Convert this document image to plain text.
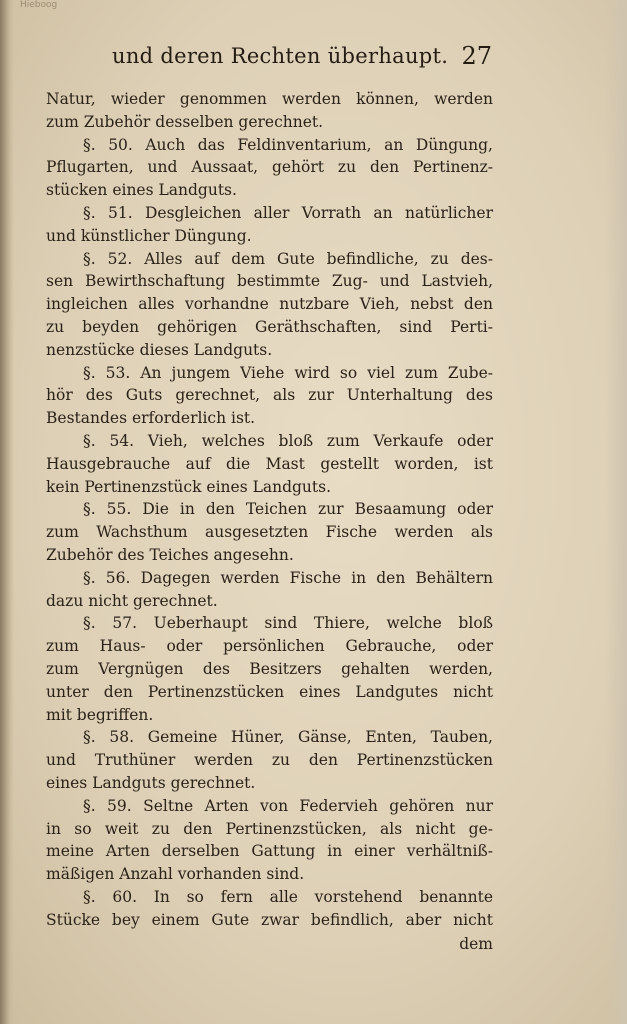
Hieboog
und deren Rechten überhaupt. 27
Natur, wieder genommen werden können, werden
zum Zubehör desselben gerechnet.
§. 50. Auch das Feldinventarium, an Düngung,
Pflugarten, und Aussaat, gehört zu den Pertinenz-
stücken eines Landguts.
§. 51. Desgleichen aller Vorrath an natürlicher
und künstlicher Düngung.
§. 52. Alles auf dem Gute befindliche, zu des-
sen Bewirthschaftung bestimmte Zug- und Lastvieh,
ingleichen alles vorhandne nutzbare Vieh, nebst den
zu beyden gehörigen Geräthschaften, sind Perti-
nenzstücke dieses Landguts.
§. 53. An jungem Viehe wird so viel zum Zube-
hör des Guts gerechnet, als zur Unterhaltung des
Bestandes erforderlich ist.
§. 54. Vieh, welches bloß zum Verkaufe oder
Hausgebrauche auf die Mast gestellt worden, ist
kein Pertinenzstück eines Landguts.
§. 55. Die in den Teichen zur Besaamung oder
zum Wachsthum ausgesetzten Fische werden als
Zubehör des Teiches angesehn.
§. 56. Dagegen werden Fische in den Behältern
dazu nicht gerechnet.
§. 57. Ueberhaupt sind Thiere, welche bloß
zum Haus- oder persönlichen Gebrauche, oder
zum Vergnügen des Besitzers gehalten werden,
unter den Pertinenzstücken eines Landgutes nicht
mit begriffen.
§. 58. Gemeine Hüner, Gänse, Enten, Tauben,
und Truthüner werden zu den Pertinenzstücken
eines Landguts gerechnet.
§. 59. Seltne Arten von Federvieh gehören nur
in so weit zu den Pertinenzstücken, als nicht ge-
meine Arten derselben Gattung in einer verhältniß-
mäßigen Anzahl vorhanden sind.
§. 60. In so fern alle vorstehend benannte
Stücke bey einem Gute zwar befindlich, aber nicht
dem
